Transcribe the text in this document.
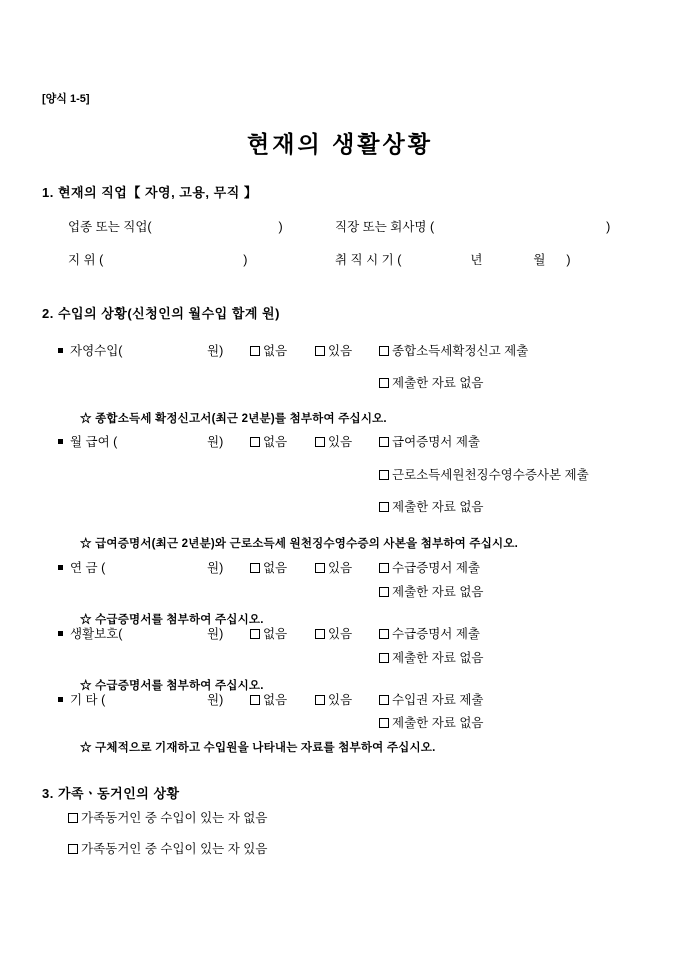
[양식 1-5]
현재의 생활상황
1. 현재의 직업【 자영, 고용, 무직 】
업종 또는 직업(	)	직장 또는 회사명 (	)
지 위 (	)	취 직 시 기 (	년	월 )
2. 수입의 상황(신청인의 월수입 합계 원)
자영수입(	원)	없음	있음	종합소득세확정신고 제출
제출한 자료 없음
☆ 종합소득세 확정신고서(최근 2년분)를 첨부하여 주십시오.
월 급여 (	원)	없음	있음	급여증명서 제출
근로소득세원천징수영수증사본 제출
제출한 자료 없음
☆ 급여증명서(최근 2년분)와 근로소득세 원천징수영수증의 사본을 첨부하여 주십시오.
연 금 (	원)	없음	있음	수급증명서 제출
제출한 자료 없음
☆ 수급증명서를 첨부하여 주십시오.
생활보호(	원)	없음	있음	수급증명서 제출
제출한 자료 없음
☆ 수급증명서를 첨부하여 주십시오.
기 타 (	원)	없음	있음	수입권 자료 제출
제출한 자료 없음
☆ 구체적으로 기재하고 수입원을 나타내는 자료를 첨부하여 주십시오.
3. 가족ㆍ동거인의 상황
가족동거인 중 수입이 있는 자 없음
가족동거인 중 수입이 있는 자 있음
